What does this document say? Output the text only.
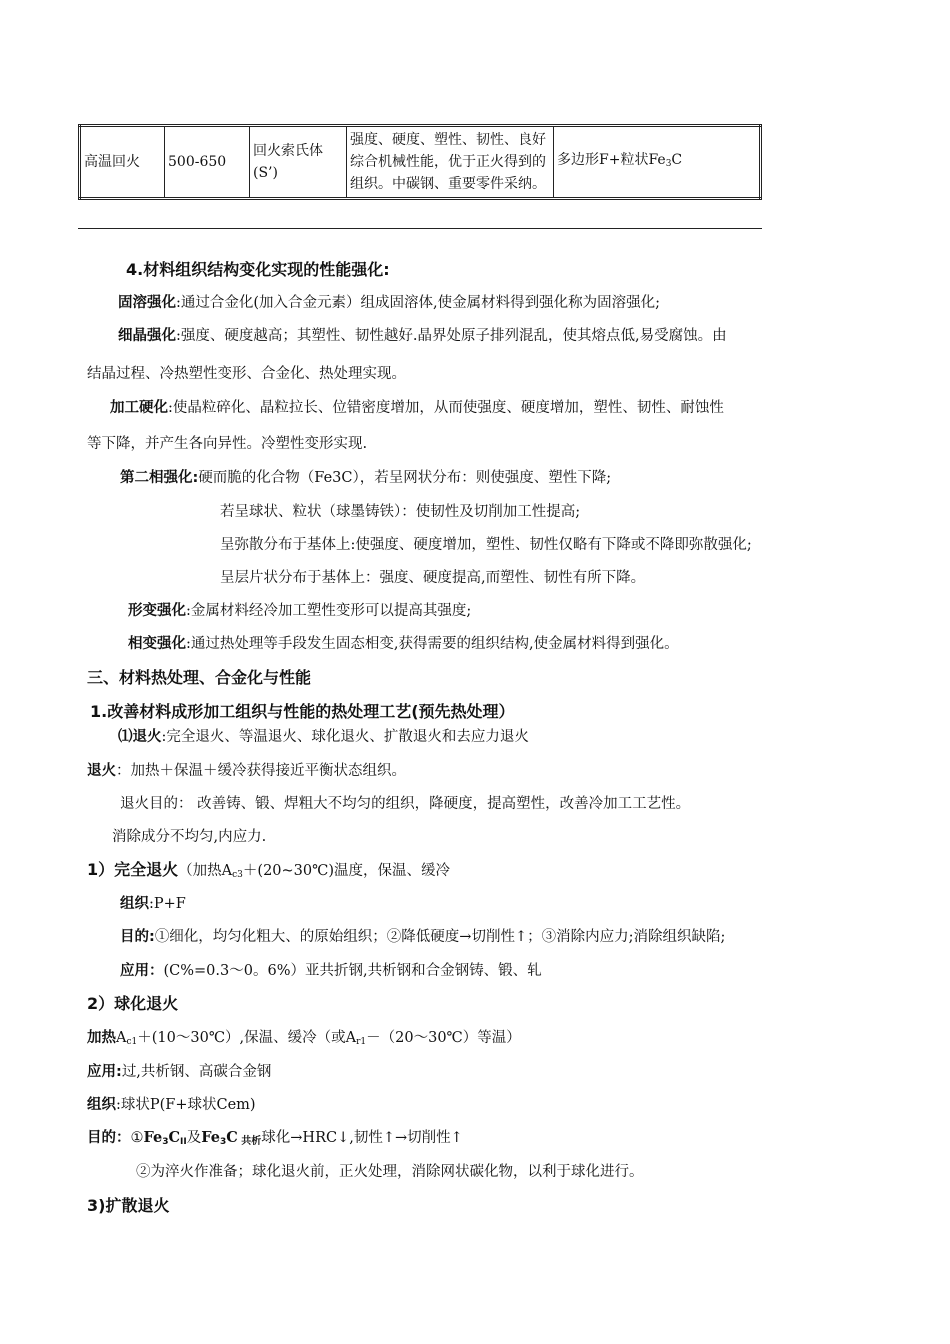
高温回火	500-650	回火索氏体(S’)	强度、硬度、塑性、韧性、良好综合机械性能，优于正火得到的组织。中碳钢、重要零件采纳。	多边形F+粒状$Fe_3C$
4.材料组织结构变化实现的性能强化:
固溶强化:通过合金化(加入合金元素）组成固溶体,使金属材料得到强化称为固溶强化;
细晶强化:强度、硬度越高；其塑性、韧性越好.晶界处原子排列混乱，使其熔点低,易受腐蚀。由
结晶过程、冷热塑性变形、合金化、热处理实现。
加工硬化:使晶粒碎化、晶粒拉长、位错密度增加，从而使强度、硬度增加，塑性、韧性、耐蚀性
等下降，并产生各向异性。冷塑性变形实现.
第二相强化:硬而脆的化合物（Fe3C），若呈网状分布：则使强度、塑性下降;
若呈球状、粒状（球墨铸铁）：使韧性及切削加工性提高;
呈弥散分布于基体上:使强度、硬度增加，塑性、韧性仅略有下降或不降即弥散强化;
呈层片状分布于基体上：强度、硬度提高,而塑性、韧性有所下降。
形变强化:金属材料经冷加工塑性变形可以提高其强度;
相变强化:通过热处理等手段发生固态相变,获得需要的组织结构,使金属材料得到强化。
三、材料热处理、合金化与性能
1.改善材料成形加工组织与性能的热处理工艺(预先热处理）
⑴退火:完全退火、等温退火、球化退火、扩散退火和去应力退火
退火：加热＋保温＋缓冷获得接近平衡状态组织。
退火目的： 改善铸、锻、焊粗大不均匀的组织，降硬度，提高塑性，改善冷加工工艺性。
消除成分不均匀,内应力.
1）完全退火（加热$A_{c3}+(20\sim 30℃)$温度，保温、缓冷
组织:P+F
目的:①细化，均匀化粗大、的原始组织；②降低硬度→切削性↑；③消除内应力;消除组织缺陷;
应用：(C%=0.3～0。6%）亚共折钢,共析钢和合金钢铸、锻、轧
2）球化退火
加热$A_{c1}+(10\sim 30℃)$,保温、缓冷（或$A_{r1}-(20\sim 30℃)$等温）
应用:过,共析钢、高碳合金钢
组织:球状P(F+球状Cem)
目的：$①Fe_3C_{II}$及$Fe_3C$ $_{共析}$球化→HRC↓,韧性↑→切削性↑
②为淬火作准备；球化退火前，正火处理，消除网状碳化物，以利于球化进行。
3)扩散退火
